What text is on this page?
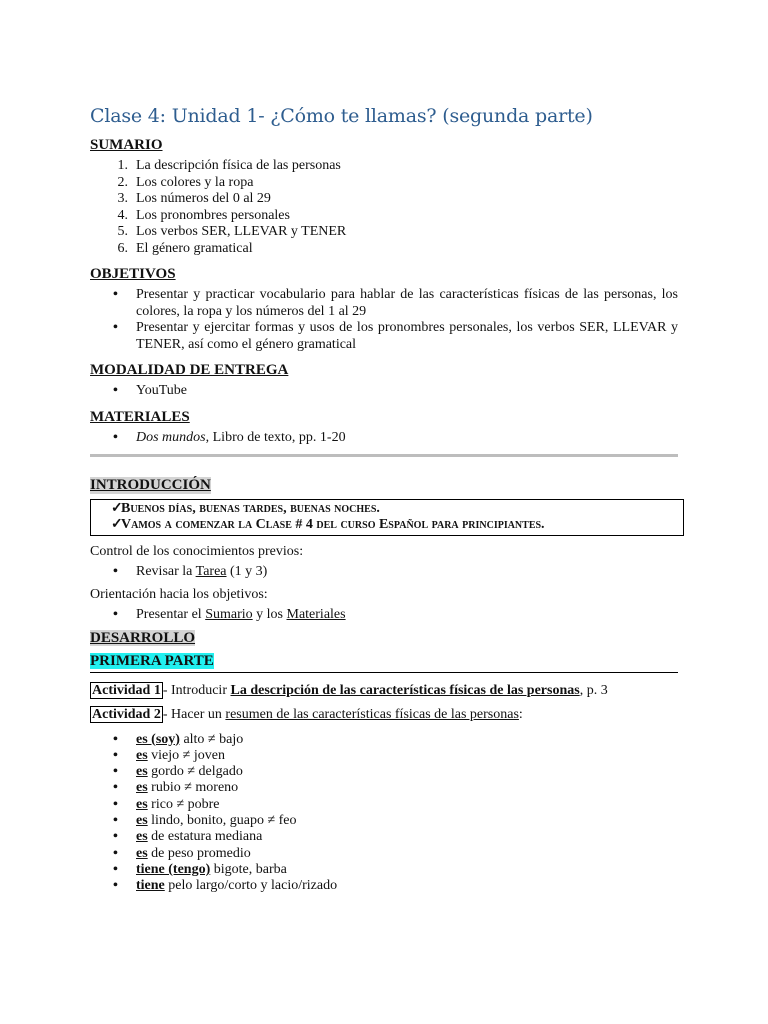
Clase 4: Unidad 1- ¿Cómo te llamas? (segunda parte)
SUMARIO
1. La descripción física de las personas
2. Los colores y la ropa
3. Los números del 0 al 29
4. Los pronombres personales
5. Los verbos SER, LLEVAR y TENER
6. El género gramatical
OBJETIVOS
• Presentar y practicar vocabulario para hablar de las características físicas de las personas, los colores, la ropa y los números del 1 al 29
• Presentar y ejercitar formas y usos de los pronombres personales, los verbos SER, LLEVAR y TENER, así como el género gramatical
MODALIDAD DE ENTREGA
• YouTube
MATERIALES
• Dos mundos, Libro de texto, pp. 1-20
INTRODUCCIÓN
✓
Buenos días, buenas tardes, buenas noches.
✓
Vamos a comenzar la Clase # 4 del curso Español para principiantes.
Control de los conocimientos previos:
• Revisar la Tarea (1 y 3)
Orientación hacia los objetivos:
• Presentar el Sumario y los Materiales
DESARROLLO
PRIMERA PARTE
Actividad 1 - Introducir La descripción de las características físicas de las personas, p. 3
Actividad 2 - Hacer un resumen de las características físicas de las personas:
• es (soy) alto ≠ bajo
• es viejo ≠ joven
• es gordo ≠ delgado
• es rubio ≠ moreno
• es rico ≠ pobre
• es lindo, bonito, guapo ≠ feo
• es de estatura mediana
• es de peso promedio
• tiene (tengo) bigote, barba
• tiene pelo largo/corto y lacio/rizado
